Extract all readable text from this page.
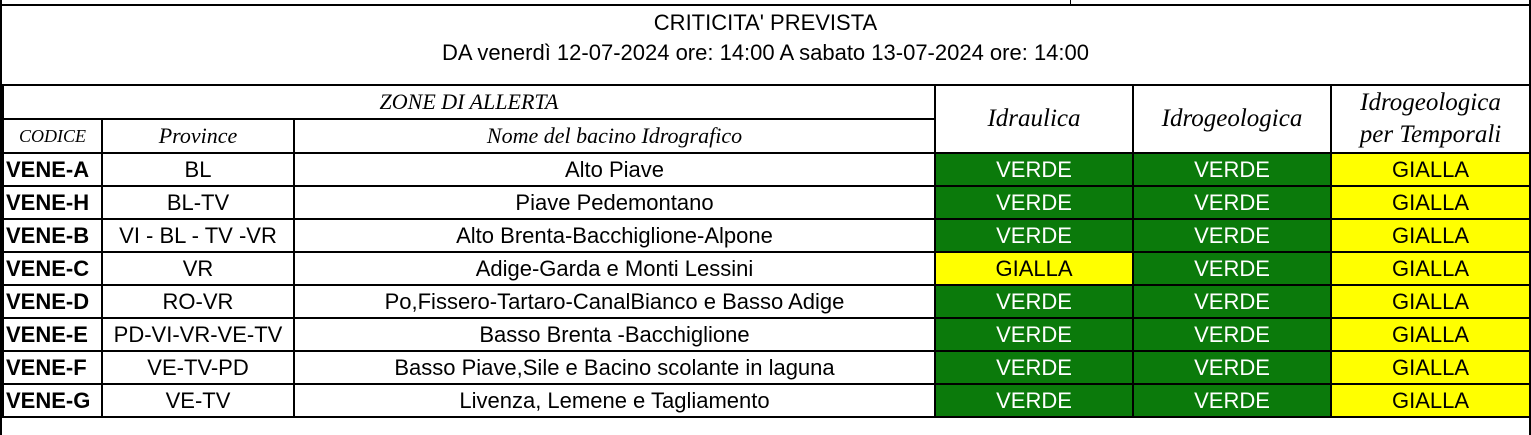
CRITICITA' PREVISTA
DA venerdì 12-07-2024 ore: 14:00 A sabato 13-07-2024 ore: 14:00
ZONE DI ALLERTA			Idraulica	Idrogeologica	Idrogeologica
per Temporali

CODICE	Province	Nome del bacino Idrografico			
VENE-A	BL	Alto Piave	VERDE	VERDE	GIALLA
VENE-H	BL-TV	Piave Pedemontano	VERDE	VERDE	GIALLA
VENE-B	VI - BL - TV -VR	Alto Brenta-Bacchiglione-Alpone	VERDE	VERDE	GIALLA
VENE-C	VR	Adige-Garda e Monti Lessini	GIALLA	VERDE	GIALLA
VENE-D	RO-VR	Po,Fissero-Tartaro-CanalBianco e Basso Adige	VERDE	VERDE	GIALLA
VENE-E	PD-VI-VR-VE-TV	Basso Brenta -Bacchiglione	VERDE	VERDE	GIALLA
VENE-F	VE-TV-PD	Basso Piave,Sile e Bacino scolante in laguna	VERDE	VERDE	GIALLA
VENE-G	VE-TV	Livenza, Lemene e Tagliamento	VERDE	VERDE	GIALLA
